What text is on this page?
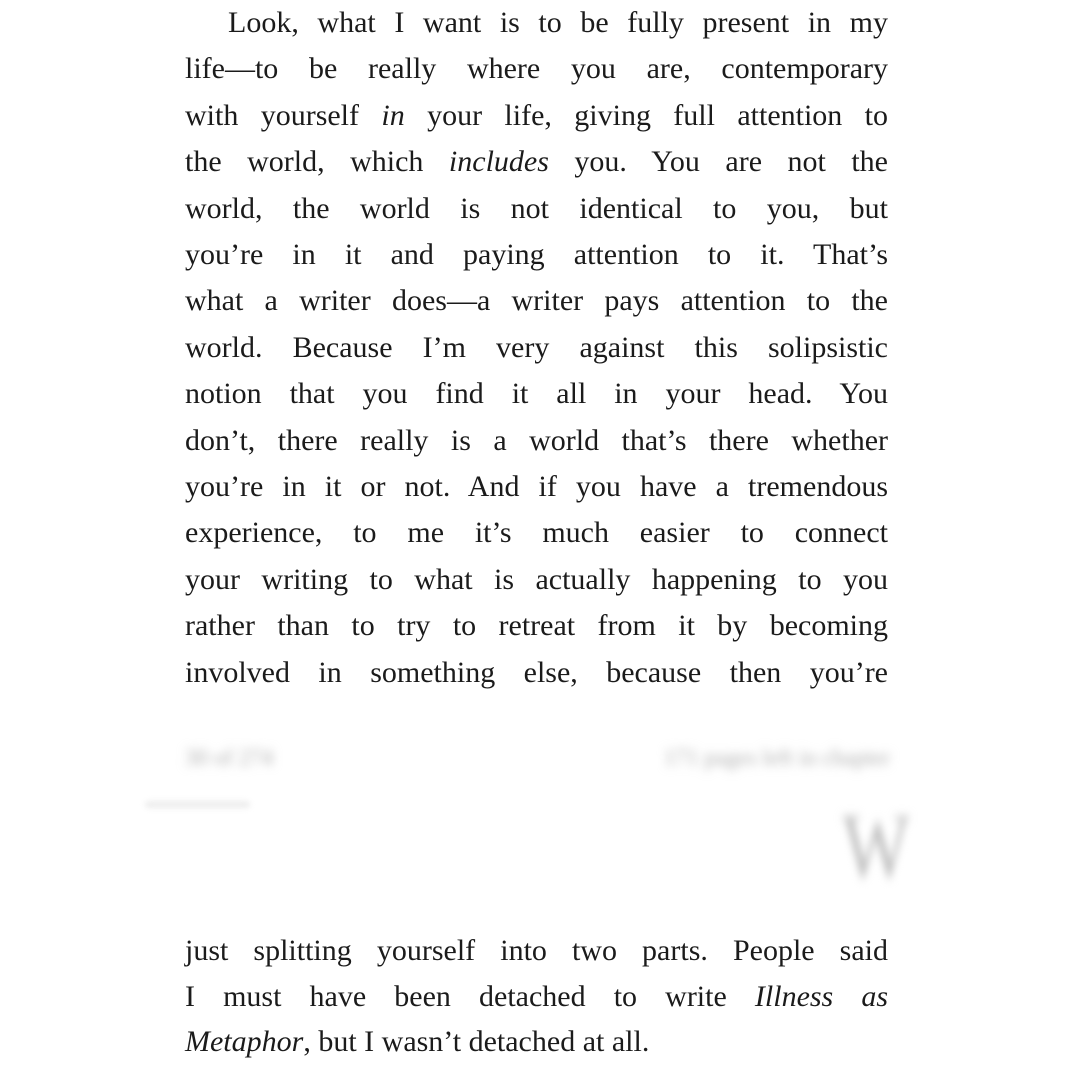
Look, what I want is to be fully present in my
life—to be really where you are, contemporary
with yourself in your life, giving full attention to
the world, which includes you. You are not the
world, the world is not identical to you, but
you’re in it and paying attention to it. That’s
what a writer does—a writer pays attention to the
world. Because I’m very against this solipsistic
notion that you find it all in your head. You
don’t, there really is a world that’s there whether
you’re in it or not. And if you have a tremendous
experience, to me it’s much easier to connect
your writing to what is actually happening to you
rather than to try to retreat from it by becoming
involved in something else, because then you’re
30 of 274	171 pages left in chapter
W
just splitting yourself into two parts. People said
I must have been detached to write Illness as
Metaphor, but I wasn’t detached at all.
